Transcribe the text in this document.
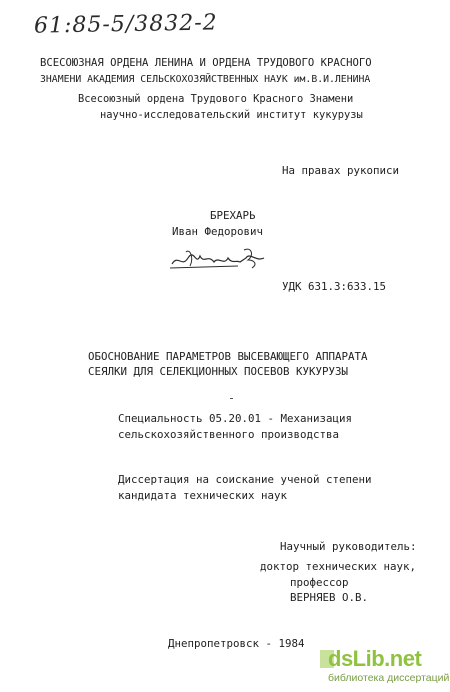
61:85-5/3832-2
ВСЕСОЮЗНАЯ ОРДЕНА ЛЕНИНА И ОРДЕНА ТРУДОВОГО КРАСНОГО
ЗНАМЕНИ АКАДЕМИЯ СЕЛЬСКОХОЗЯЙСТВЕННЫХ НАУК им.В.И.ЛЕНИНА
Всесоюзный ордена Трудового Красного Знамени
научно-исследовательский институт кукурузы
На правах рукописи
БРЕХАРЬ
Иван Федорович
УДК 631.3:633.15
ОБОСНОВАНИЕ ПАРАМЕТРОВ ВЫСЕВАЮЩЕГО АППАРАТА
СЕЯЛКИ ДЛЯ СЕЛЕКЦИОННЫХ ПОСЕВОВ КУКУРУЗЫ
Специальность 05.20.01 - Механизация
сельскохозяйственного производства
Диссертация на соискание ученой степени
кандидата технических наук
Научный руководитель:
доктор технических наук,
профессор
ВЕРНЯЕВ О.В.
Днепропетровск - 1984
dsLib.net
библиотека диссертаций
